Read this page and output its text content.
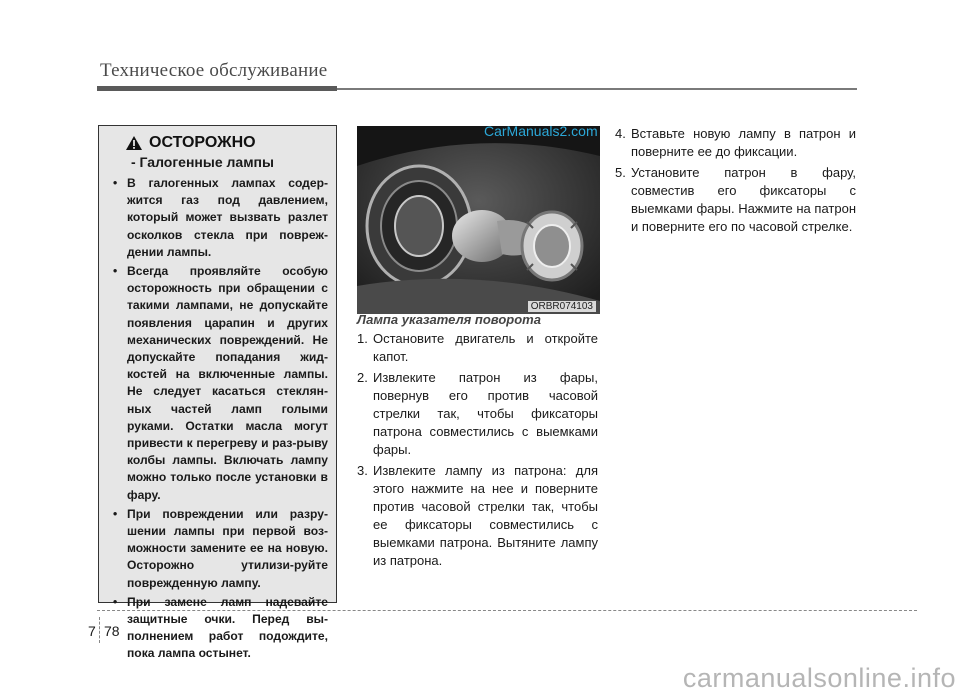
Техническое обслуживание
ОСТОРОЖНО
- Галогенные лампы
• В галогенных лампах содер-жится газ под давлением, который может вызвать разлет осколков стекла при повреж-дении лампы.
• Всегда проявляйте особую осторожность при обращении с такими лампами, не допускайте появления царапин и других механических повреждений. Не допускайте попадания жид-костей на включенные лампы. Не следует касаться стеклян-ных частей ламп голыми руками. Остатки масла могут привести к перегреву и раз-рыву колбы лампы. Включать лампу можно только после установки в фару.
• При повреждении или разру-шении лампы при первой воз-можности замените ее на новую. Осторожно утилизи-руйте поврежденную лампу.
• При замене ламп надевайте защитные очки. Перед вы-полнением работ подождите, пока лампа остынет.
ORBR074103
CarManuals2.com
Лампа указателя поворота
1. Остановите двигатель и откройте капот.
2. Извлеките патрон из фары, повернув его против часовой стрелки так, чтобы фиксаторы патрона совместились с выемками фары.
3. Извлеките лампу из патрона: для этого нажмите на нее и поверните против часовой стрелки так, чтобы ее фиксаторы совместились с выемками патрона. Вытяните лампу из патрона.
4. Вставьте новую лампу в патрон и поверните ее до фиксации.
5. Установите патрон в фару, совместив его фиксаторы с выемками фары. Нажмите на патрон и поверните его по часовой стрелке.
7 78
carmanualsonline.info
